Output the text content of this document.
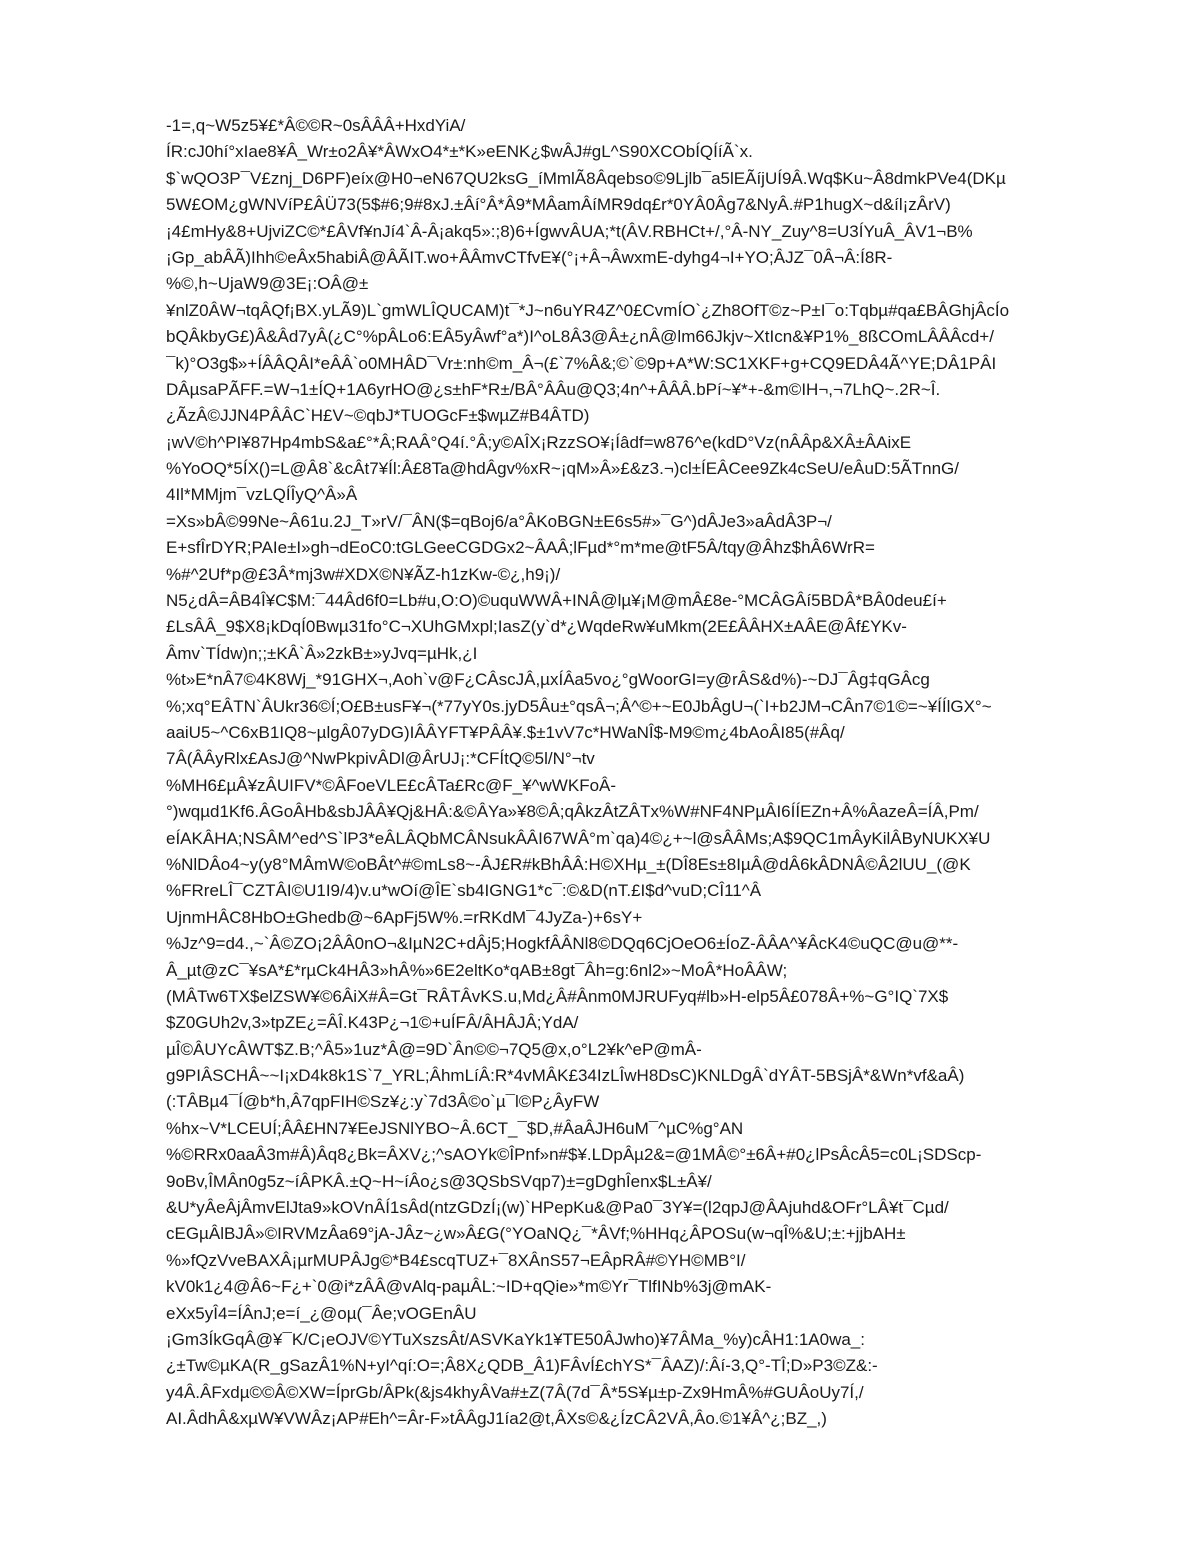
-1=,q~W5z5¥£*Â©©R~0sÂÂÂ+HxdYiA/
ÍR:cJ0hí°xIae8¥Â_Wr±o2Â¥*ÂWxO4*±*K»eENK¿$wÂJ#gL^S90XCObÍQÍíÃ`x.
$`wQO3P¯V£znj_D6PF)eíx@H0¬eN67QU2ksG_íMmlÃ8Âqebso©9Ljlb¯a5lEÃíjUÍ9Â.Wq$Ku~Â8dmkPVe4(DKµ
5W£OM¿gWNVíP£ÂÜ73(5$#6;9#8xJ.±Âí°Â*Â9*MÂamÂíMR9dq£r*0YÂ0Âg7&NyÂ.#P1hugX~d&íl¡zÂrV)
¡4£mHy&8+UjviZC©*£ÂVf¥nJí4`Â-Â¡akq5»:;8)6+ÍgwvÂUA;*t(ÂV.RBHCt+/,°Â-NY_Zuy^8=U3ÍYuÂ_ÂV1¬B%
¡Gp_abÂÃ)Ihh©eÂx5habiÂ@ÂÃIT.wo+ÂÂmvCTfvE¥(°¡+Â¬ÂwxmE-dyhg4¬I+YO;ÂJZ¯0Â¬Â:Í8R-
%©,h~UjaW9@3E¡:OÂ@±
¥nlZ0ÂW¬tqÂQf¡BX.yLÃ9)L`gmWLÎQUCAM)t¯*J~n6uYR4Z^0£CvmÍO`¿Zh8OfT©z~P±I¯o:Tqbµ#qa£BÂGhjÂcÍo
bQÂkbyG£)Â&Âd7yÂ(¿C°%pÂLo6:EÂ5yÂwf°a*)I^oL8Â3@Â±¿nÂ@lm66Jkjv~XtIcn&¥P1%_8ßCOmLÂÂÂcd+/
¯k)°O3g$»+ÍÂÂQÂI*eÂÂ`o0MHÂD¯Vr±:nh©m_Â¬(£`7%Â&;©`©9p+A*W:SC1XKF+g+CQ9EDÂ4Ã^YE;DÂ1PÂI
DÂµsaPÃFF.=W¬1±ÍQ+1A6yrHO@¿s±hF*R±/BÂ°ÂÂu@Q3;4n^+ÂÂÂ.bPí~¥*+-&m©IH¬,¬7LhQ~.2R~Î.
¿ÃzÂ©JJN4PÂÂC`H£V~©qbJ*TUOGcF±$wµZ#B4ÂTD)
¡wV©h^PI¥87Hp4mbS&a£°*Â;RAÂ°Q4í.°Â;y©AÎX¡RzzSO¥¡Íâdf=w876^e(kdD°Vz(nÂÂp&XÂ±ÂAixE
%YoOQ*5ÍX()=L@Â8`&cÂt7¥Íl:Â£8Ta@hdÂgv%xR~¡qM»Â»£&z3.¬)cl±ÍEÂCee9Zk4cSeU/eÂuD:5ÃTnnG/
4Il*MMjm¯vzLQÍÎyQ^Â»Â
=Xs»bÂ©99Ne~Â61u.2J_T»rV/¯ÂN($=qBoj6/a°ÂKoBGN±E6s5#»¯G^)dÂJe3»aÂdÂ3P¬/
E+sfÎrDYR;PAIe±I»gh¬dEoC0:tGLGeeCGDGx2~ÂAÂ;lFµd*°m*me@tF5Â/tqy@Âhz$hÂ6WrR=
%#^2Uf*p@£3Â*mj3w#XDX©N¥ÃZ-h1zKw-©¿,h9¡)/
N5¿dÂ=ÂB4Î¥C$M:¯44Âd6f0=Lb#u,O:O)©uquWWÂ+INÂ@lµ¥¡M@mÂ£8e-°MCÂGÂí5BDÂ*BÂ0deu£í+
£LsÂÂ_9$X8¡kDqÍ0Bwµ31fo°C¬XUhGMxpl;IasZ(y`d*¿WqdeRw¥uMkm(2E£ÂÂHX±AÂE@Âf£YKv-
Âmv`TÍdw)n;;±KÂ`Â»2zkB±»yJvq=µHk,¿I
%t»E*nÂ7©4K8Wj_*91GHX¬,Aoh`v@F¿CÂscJÂ,µxÍÂa5vo¿°gWoorGI=y@rÂS&d%)-~DJ¯Âg‡qGÂcg
%;xq°EÂTN`ÂUkr36©Í;O£B±usF¥¬(*77yY0s.jyD5Âu±°qsÂ¬;Â^©+~E0JbÂgU¬(`I+b2JM¬CÂn7©1©=~¥ÍÍlGX°~
aaiU5~^C6xB1IQ8~µlgÂ07yDG)IÂÂYFT¥PÂÂ¥.$±1vV7c*HWaNÎ$-M9©m¿4bAoÂI85(#Âq/
7Â(ÂÂyRlx£AsJ@^NwPkpivÂDl@ÂrUJ¡:*CFÍtQ©5l/N°¬tv
%MH6£µÂ¥zÂUIFV*©ÂFoeVLE£cÂTa£Rc@F_¥^wWKFoÂ-
°)wqµd1Kf6.ÂGoÂHb&sbJÂÂ¥Qj&HÂ:&©ÂYa»¥8©Â;qÂkzÂtZÂTx%W#NF4NPµÂI6ÍÍEZn+Â%ÂazeÂ=ÍÂ,Pm/
eÍAKÂHA;NSÂM^ed^S`lP3*eÂLÂQbMCÂNsukÂÂI67WÂ°m`qa)4©¿+~l@sÂÂMs;A$9QC1mÂyKilÂByNUKX¥U
%NlDÂo4~y(y8°MÂmW©oBÂt^#©mLs8~-ÂJ£R#kBhÂÂ:H©XHµ_±(DÎ8Es±8IµÂ@dÂ6kÂDNÂ©Â2lUU_(@K
%FRreLÎ¯CZTÂI©U1I9/4)v.u*wOí@ÎE`sb4IGNG1*c¯:©&D(nT.£I$d^vuD;CÎ11^Â
UjnmHÂC8HbO±Ghedb@~6ApFj5W%.=rRKdM¯4JyZa-)+6sY+
%Jz^9=d4.,~`Â©ZO¡2ÂÂ0nO¬&IµN2C+dÂj5;HogkfÂÂNl8©DQq6CjOeO6±ÍoZ-ÂÂA^¥ÂcK4©uQC@u@**-
Â_µt@zC¯¥sA*£*rµCk4HÂ3»hÂ%»6E2eltKo*qAB±8gt¯Âh=g:6nl2»~MoÂ*HoÂÂW;
(MÂTw6TX$elZSW¥©6ÂiX#Â=Gt¯RÂTÂvKS.u,Md¿Â#Ânm0MJRUFyq#lb»H-elp5Â£078Â+%~G°IQ`7X$
$Z0GUh2v,3»tpZE¿=ÂÎ.K43P¿¬1©+uÍFÂ/ÂHÂJÂ;YdA/
µÎ©ÂUYcÂWT$Z.B;^Â5»1uz*Â@=9D`Ân©©¬7Q5@x,o°L2¥k^eP@mÂ-
g9PIÂSCHÂ~~I¡xD4k8k1S`7_YRL;ÂhmLíÂ:R*4vMÂK£34IzLÎwH8DsC)KNLDgÂ`dYÂT-5BSjÂ*&Wn*vf&aÂ)
(:TÂBµ4¯Í@b*h,Â7qpFIH©Sz¥¿:y`7d3Â©o`µ¯l©P¿ÂyFW
%hx~V*LCEUÍ;ÂÂ£HN7¥EeJSNlYBO~Â.6CT_¯$D,#ÂaÂJH6uM¯^µC%g°AN
%©RRx0aaÂ3m#Â)Âq8¿Bk=ÂXV¿;^sAOYk©ÎPnf»n#$¥.LDpÂµ2&=@1MÂ©°±6Â+#0¿lPsÂcÂ5=c0L¡SDScp-
9oBv,ÎMÂn0g5z~íÂPKÂ.±Q~H~íÂo¿s@3QSbSVqp7)±=gDghÎenx$L±Â¥/
&U*yÂeÂjÂmvElJta9»kOVnÂÍ1sÂd(ntzGDzÍ¡(w)`HPepKu&@Pa0¯3Y¥=(l2qpJ@ÂAjuhd&OFr°LÂ¥t¯Cµd/
cEGµÂlBJÂ»©IRVMzÂa69°jA-JÂz~¿w»Â£G(°YOaNQ¿¯*ÂVf;%HHq¿ÂPOSu(w¬qÎ%&U;±:+jjbAH±
%»fQzVveBAXÂ¡µrMUPÂJg©*B4£scqTUZ+¯8XÂnS57¬EÂpRÂ#©YH©MB°I/
kV0k1¿4@Â6~F¿+`0@i*zÂÂ@vAlq-paµÂL:~ID+qQie»*m©Yr¯TlfINb%3j@mAK-
eXx5yÎ4=ÍÂnJ;e=í_¿@oµ(¯Âe;vOGEnÂU
¡Gm3ÍkGqÂ@¥¯K/C¡eOJV©YTuXszsÂt/ASVKaYk1¥TE50ÂJwho)¥7ÂMa_%y)cÂH1:1A0wa_:
¿±Tw©µKA(R_gSazÂ1%N+yI^qí:O=;Â8X¿QDB_Â1)FÂvÍ£chYS*¯ÂAZ)/:Âí-3,Q°-TÎ;D»P3©Z&:-
y4Â.ÂFxdµ©©Â©XW=ÍprGb/ÂPk(&js4khyÂVa#±Z(7Â(7d¯Â*5S¥µ±p-Zx9HmÂ%#GUÂoUy7Í,/
AI.ÂdhÂ&xµW¥VWÂz¡AP#Eh^=Âr-F»tÂÂgJ1ía2@t,ÂXs©&¿ÍzCÂ2VÂ,Âo.©1¥Â^¿;BZ_,)
